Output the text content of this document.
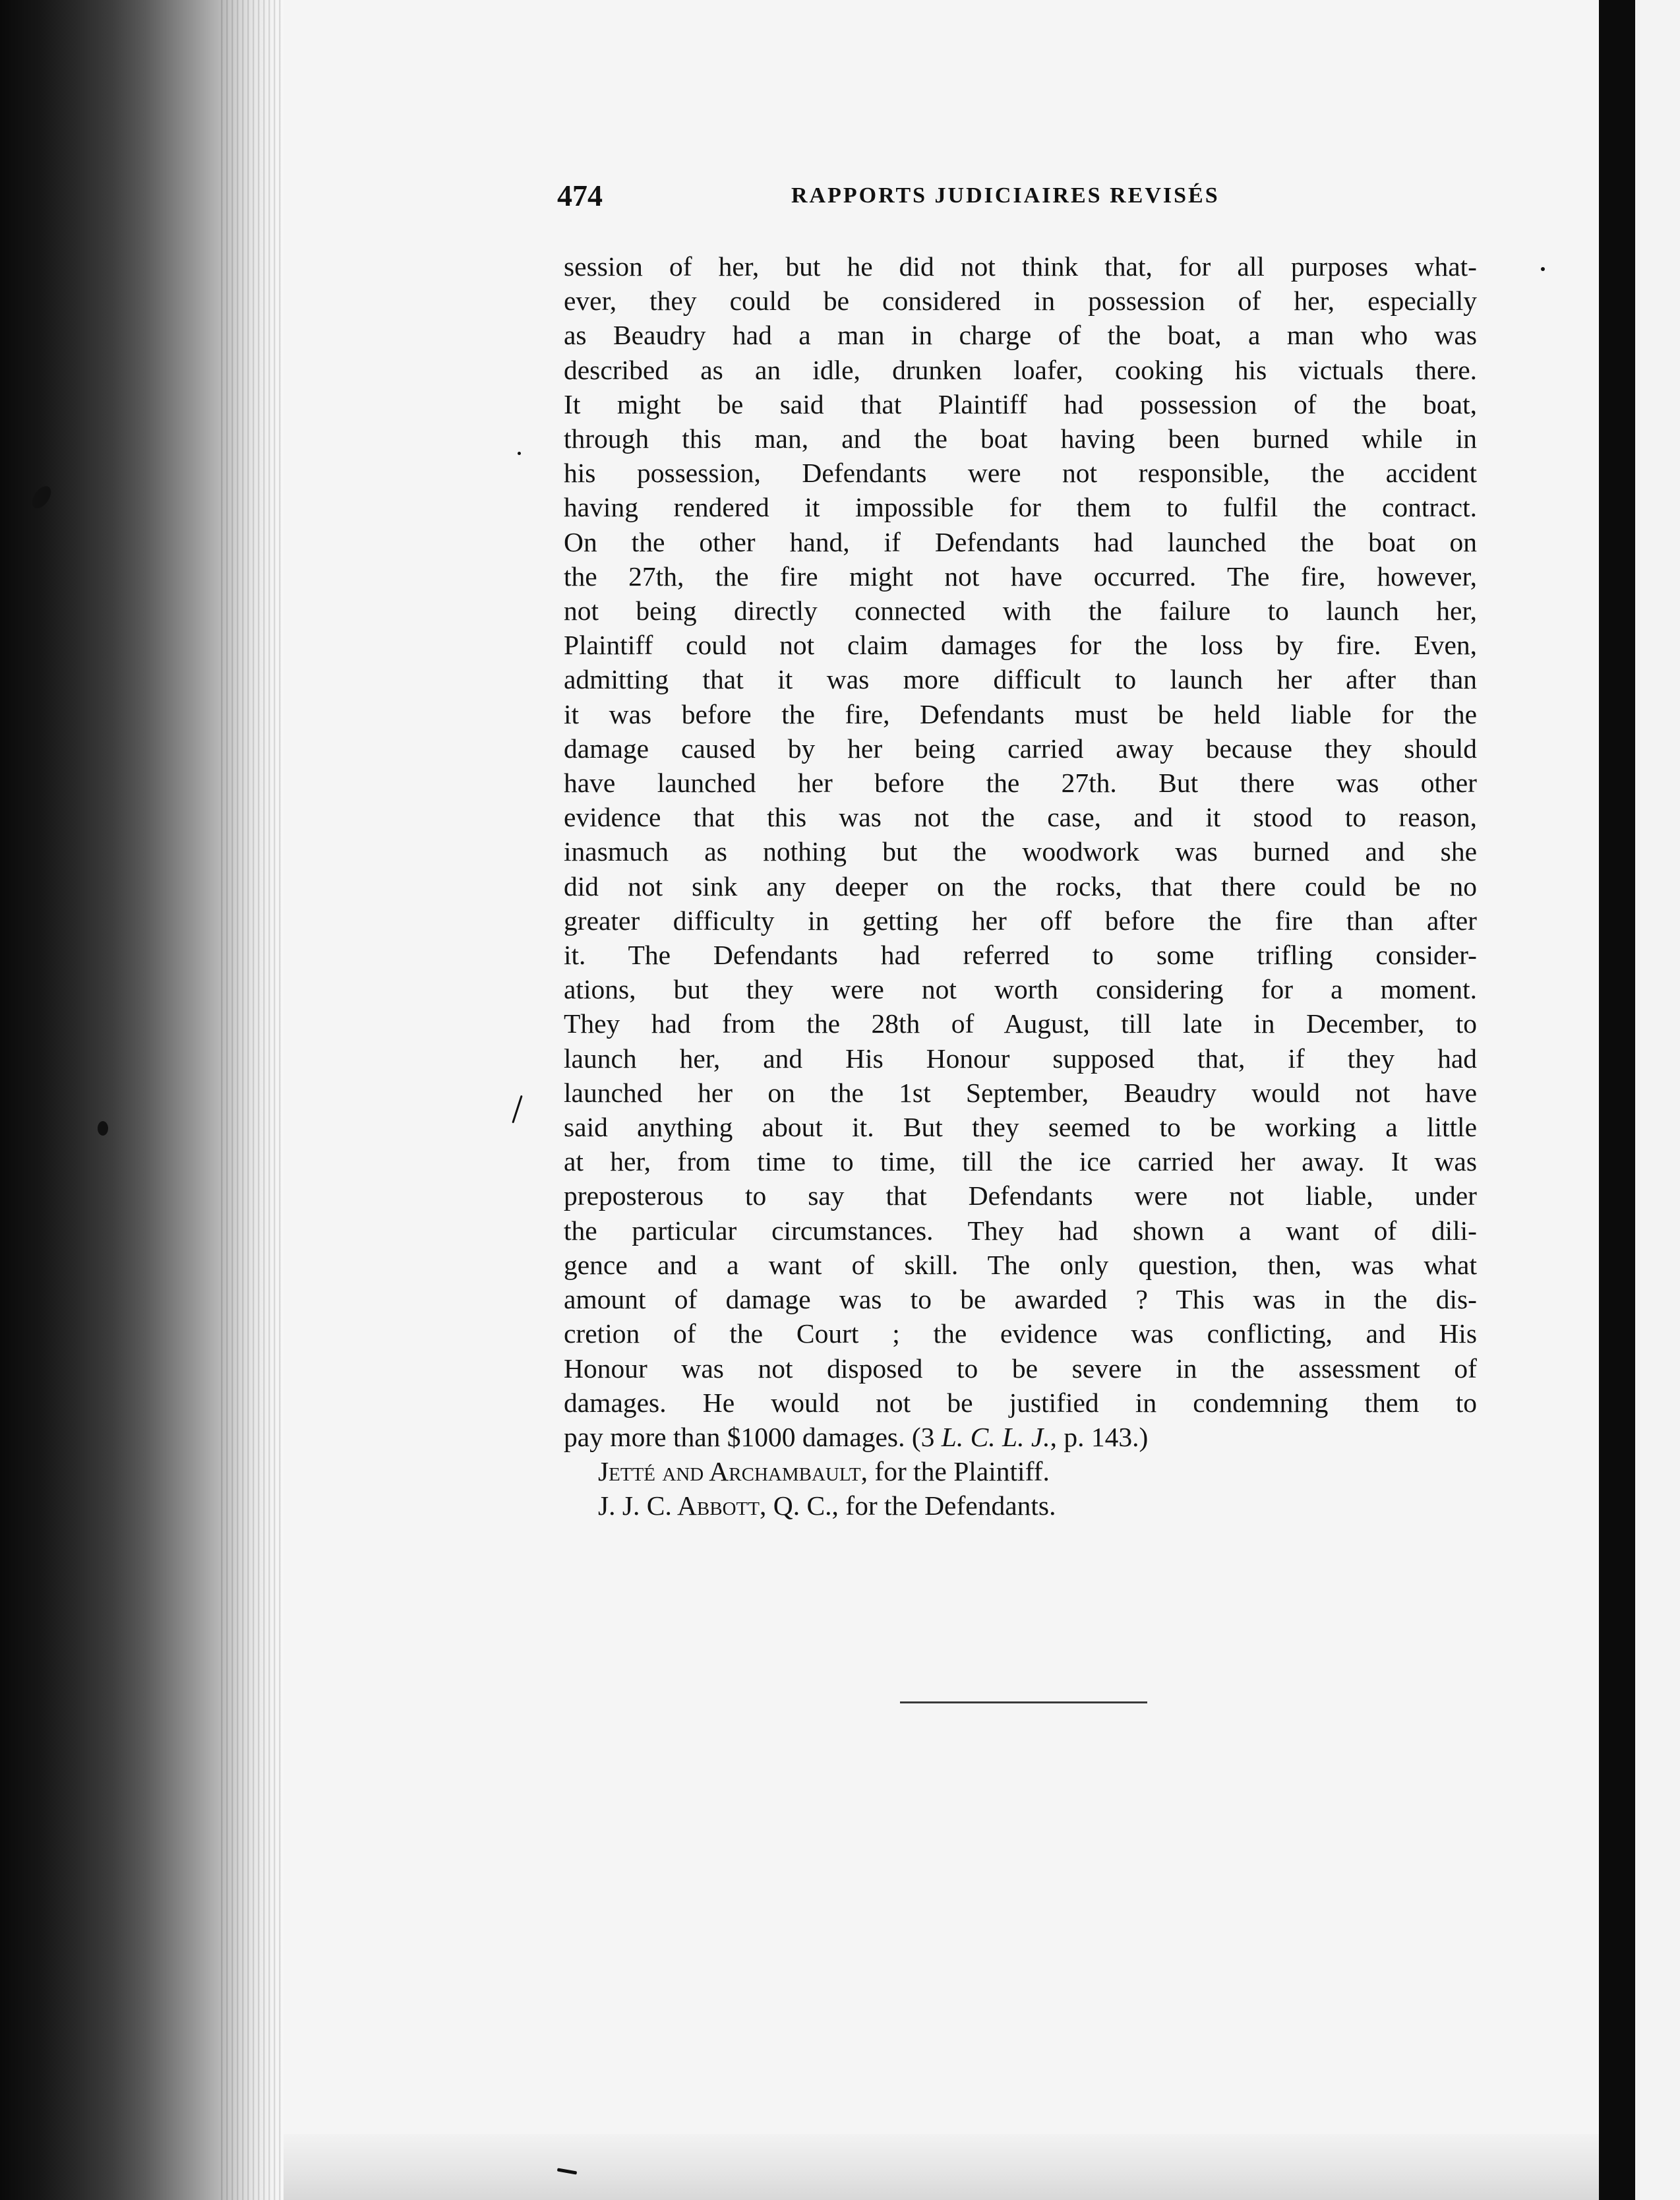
474	RAPPORTS JUDICIAIRES REVISÉS
session of her, but he did not think that, for all purposes what-
ever, they could be considered in possession of her, especially
as Beaudry had a man in charge of the boat, a man who was
described as an idle, drunken loafer, cooking his victuals there.
It might be said that Plaintiff had possession of the boat,
through this man, and the boat having been burned while in
his possession, Defendants were not responsible, the accident
having rendered it impossible for them to fulfil the contract.
On the other hand, if Defendants had launched the boat on
the 27th, the fire might not have occurred. The fire, however,
not being directly connected with the failure to launch her,
Plaintiff could not claim damages for the loss by fire. Even,
admitting that it was more difficult to launch her after than
it was before the fire, Defendants must be held liable for the
damage caused by her being carried away because they should
have launched her before the 27th. But there was other
evidence that this was not the case, and it stood to reason,
inasmuch as nothing but the woodwork was burned and she
did not sink any deeper on the rocks, that there could be no
greater difficulty in getting her off before the fire than after
it. The Defendants had referred to some trifling consider-
ations, but they were not worth considering for a moment.
They had from the 28th of August, till late in December, to
launch her, and His Honour supposed that, if they had
launched her on the 1st September, Beaudry would not have
said anything about it. But they seemed to be working a little
at her, from time to time, till the ice carried her away. It was
preposterous to say that Defendants were not liable, under
the particular circumstances. They had shown a want of dili-
gence and a want of skill. The only question, then, was what
amount of damage was to be awarded ? This was in the dis-
cretion of the Court ; the evidence was conflicting, and His
Honour was not disposed to be severe in the assessment of
damages. He would not be justified in condemning them to
pay more than $1000 damages. (3 L. C. L. J., p. 143.)
Jetté and Archambault, for the Plaintiff.
J. J. C. Abbott, Q. C., for the Defendants.
